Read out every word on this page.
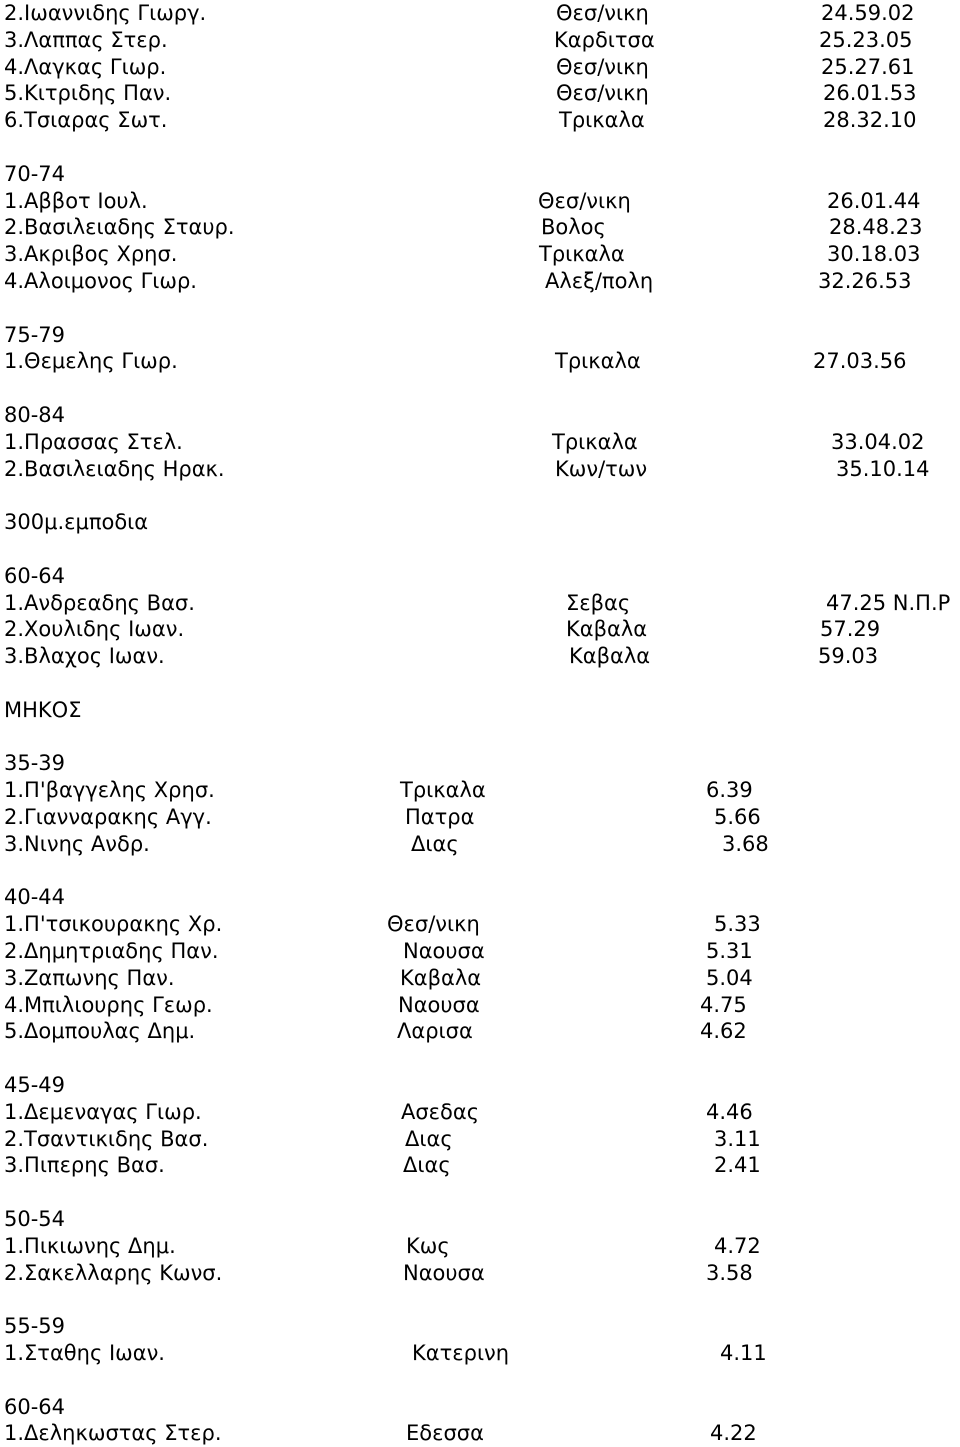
2.Ιωαννιδης Γιωργ.	Θεσ/νικη	24.59.02
3.Λαππας Στερ.	Καρδιτσα	25.23.05
4.Λαγκας Γιωρ.	Θεσ/νικη	25.27.61
5.Κιτριδης Παν.	Θεσ/νικη	26.01.53
6.Τσιαρας Σωτ.	Τρικαλα	28.32.10
70-74
1.Αββοτ Ιουλ.	Θεσ/νικη	26.01.44
2.Βασιλειαδης Σταυρ.	Βολος	28.48.23
3.Ακριβος Χρησ.	Τρικαλα	30.18.03
4.Αλοιμονος Γιωρ.	Αλεξ/πολη	32.26.53
75-79
1.Θεμελης Γιωρ.	Τρικαλα	27.03.56
80-84
1.Πρασσας Στελ.	Τρικαλα	33.04.02
2.Βασιλειαδης Ηρακ.	Κων/των	35.10.14
300μ.εμποδια
60-64
1.Ανδρεαδης Βασ.	Σεβας	47.25 Ν.Π.Ρ
2.Χουλιδης Ιωαν.	Καβαλα	57.29
3.Βλαχος Ιωαν.	Καβαλα	59.03
ΜΗΚΟΣ
35-39
1.Π'βαγγελης Χρησ.	Τρικαλα	6.39
2.Γιανναρακης Αγγ.	Πατρα	5.66
3.Νινης Ανδρ.	Διας	3.68
40-44
1.Π'τσικουρακης Χρ.	Θεσ/νικη	5.33
2.Δημητριαδης Παν.	Ναουσα	5.31
3.Ζαπωνης Παν.	Καβαλα	5.04
4.Μπιλιουρης Γεωρ.	Ναουσα	4.75
5.Δομπουλας Δημ.	Λαρισα	4.62
45-49
1.Δεμεναγας Γιωρ.	Ασεδας	4.46
2.Τσαντικιδης Βασ.	Διας	3.11
3.Πιπερης Βασ.	Διας	2.41
50-54
1.Πικιωνης Δημ.	Κως	4.72
2.Σακελλαρης Κωνσ.	Ναουσα	3.58
55-59
1.Σταθης Ιωαν.	Κατερινη	4.11
60-64
1.Δεληκωστας Στερ.	Εδεσσα	4.22
